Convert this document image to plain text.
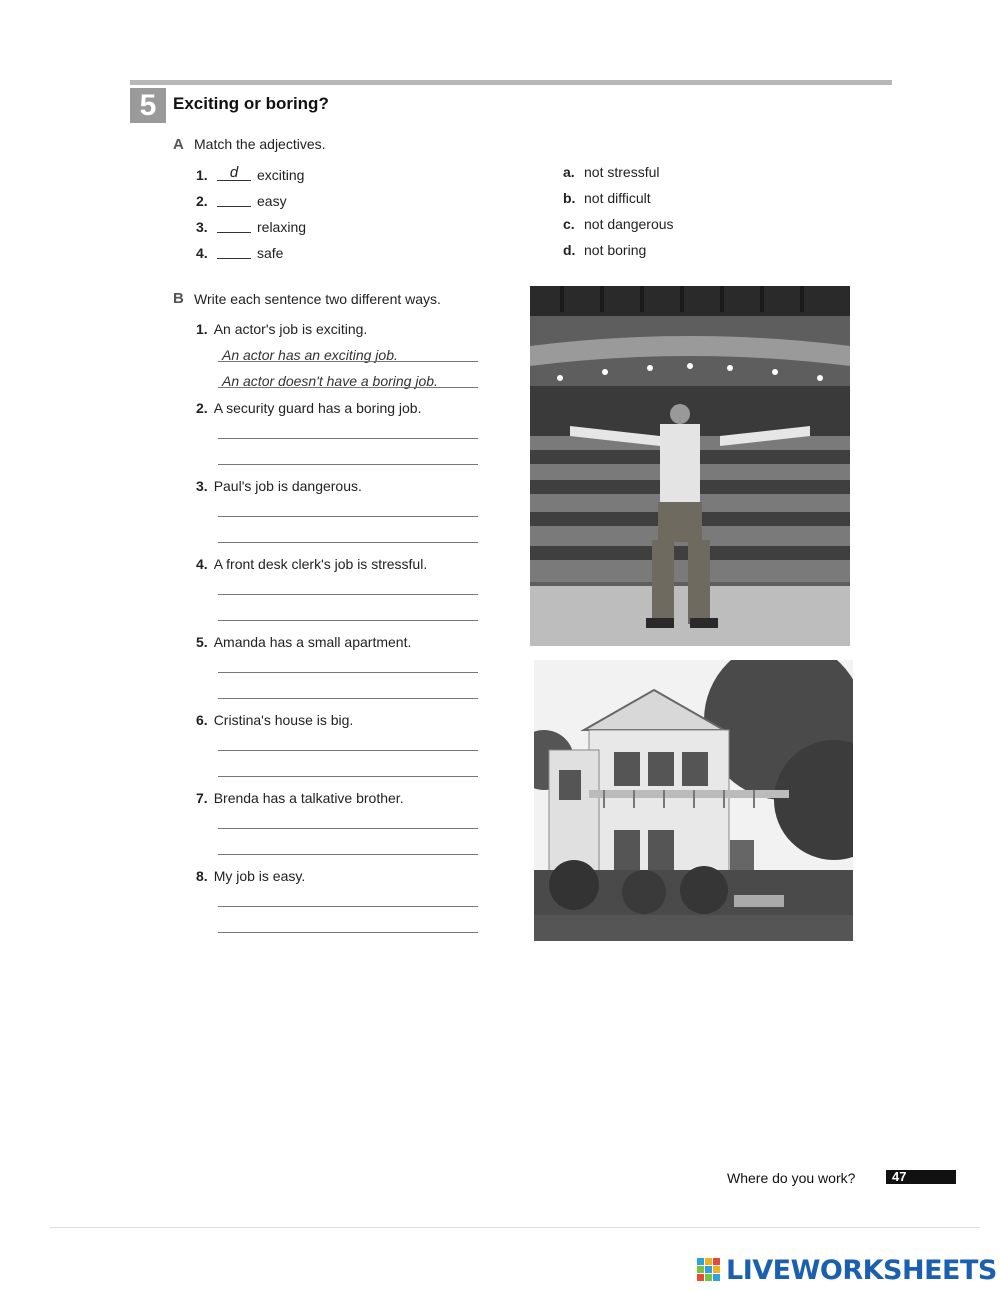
5 Exciting or boring?
A Match the adjectives.
1.	d	exciting
2.	easy
3.	relaxing
4.	safe
a. not stressful
b. not difficult
c. not dangerous
d. not boring
B Write each sentence two different ways.
1. An actor's job is exciting.
An actor has an exciting job.
An actor doesn't have a boring job.
2. A security guard has a boring job.
3. Paul's job is dangerous.
4. A front desk clerk's job is stressful.
5. Amanda has a small apartment.
6. Cristina's house is big.
7. Brenda has a talkative brother.
8. My job is easy.
Where do you work?	47
LIVEWORKSHEETS
